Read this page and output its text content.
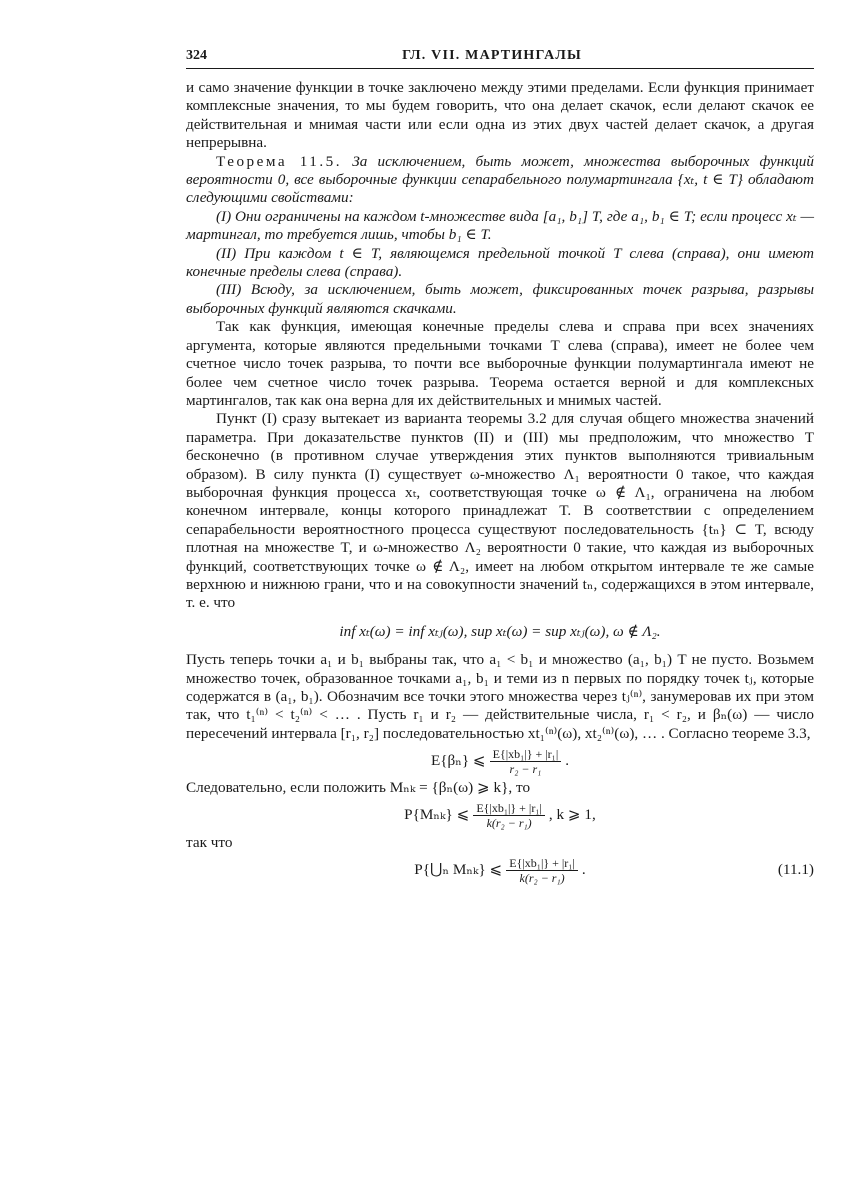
324	ГЛ. VII. МАРТИНГАЛЫ

и само значение функции в точке заключено между этими пределами. Если функция принимает комплексные значения, то мы будем говорить, что она делает скачок, если делают скачок ее действительная и мнимая части или если одна из этих двух частей делает скачок, а другая непрерывна.

Теорема 11.5. За исключением, быть может, множества выборочных функций вероятности 0, все выборочные функции сепарабельного полумартингала {xₜ, t ∈ T} обладают следующими свойствами:

(I) Они ограничены на каждом t-множестве вида [a₁, b₁] T, где a₁, b₁ ∈ T; если процесс xₜ — мартингал, то требуется лишь, чтобы b₁ ∈ T.

(II) При каждом t ∈ T, являющемся предельной точкой T слева (справа), они имеют конечные пределы слева (справа).

(III) Всюду, за исключением, быть может, фиксированных точек разрыва, разрывы выборочных функций являются скачками.

Так как функция, имеющая конечные пределы слева и справа при всех значениях аргумента, которые являются предельными точками T слева (справа), имеет не более чем счетное число точек разрыва, то почти все выборочные функции полумартингала имеют не более чем счетное число точек разрыва. Теорема остается верной и для комплексных мартингалов, так как она верна для их действительных и мнимых частей.

Пункт (I) сразу вытекает из варианта теоремы 3.2 для случая общего множества значений параметра. При доказательстве пунктов (II) и (III) мы предположим, что множество T бесконечно (в противном случае утверждения этих пунктов выполняются тривиальным образом). В силу пункта (I) существует ω-множество Λ₁ вероятности 0 такое, что каждая выборочная функция процесса xₜ, соответствующая точке ω ∉ Λ₁, ограничена на любом конечном интервале, концы которого принадлежат T. В соответствии с определением сепарабельности вероятностного процесса существуют последовательность {tₙ} ⊂ T, всюду плотная на множестве T, и ω-множество Λ₂ вероятности 0 такие, что каждая из выборочных функций, соответствующих точке ω ∉ Λ₂, имеет на любом открытом интервале те же самые верхнюю и нижнюю грани, что и на совокупности значений tₙ, содержащихся в этом интервале, т. е. что

inf xₜ(ω) = inf xₜⱼ(ω), sup xₜ(ω) = sup xₜⱼ(ω), ω ∉ Λ₂.

Пусть теперь точки a₁ и b₁ выбраны так, что a₁ < b₁ и множество (a₁, b₁) T не пусто. Возьмем множество точек, образованное точками a₁, b₁ и теми из n первых по порядку точек tⱼ, которые содержатся в (a₁, b₁). Обозначим все точки этого множества через tⱼ⁽ⁿ⁾, занумеровав их при этом так, что t₁⁽ⁿ⁾ < t₂⁽ⁿ⁾ < … . Пусть r₁ и r₂ — действительные числа, r₁ < r₂, и βₙ(ω) — число пересечений интервала [r₁, r₂] последовательностью xt₁⁽ⁿ⁾(ω), xt₂⁽ⁿ⁾(ω), … . Согласно теореме 3.3,

E{βₙ} ⩽ $\frac{\text{E\{|xb₁|\} + |r₁|}}{\text{r₂ − r₁}}$ .

Следовательно, если положить Mₙₖ = {βₙ(ω) ⩾ k}, то

P{Mₙₖ} ⩽ $\frac{\text{E\{|xb₁|\} + |r₁|}}{\text{k(r₂ − r₁)}}$ , k ⩾ 1,

так что

P{⋃ₙ Mₙₖ} ⩽ $\frac{\text{E\{|xb₁|\} + |r₁|}}{\text{k(r₂ − r₁)}}$ .	(11.1)
